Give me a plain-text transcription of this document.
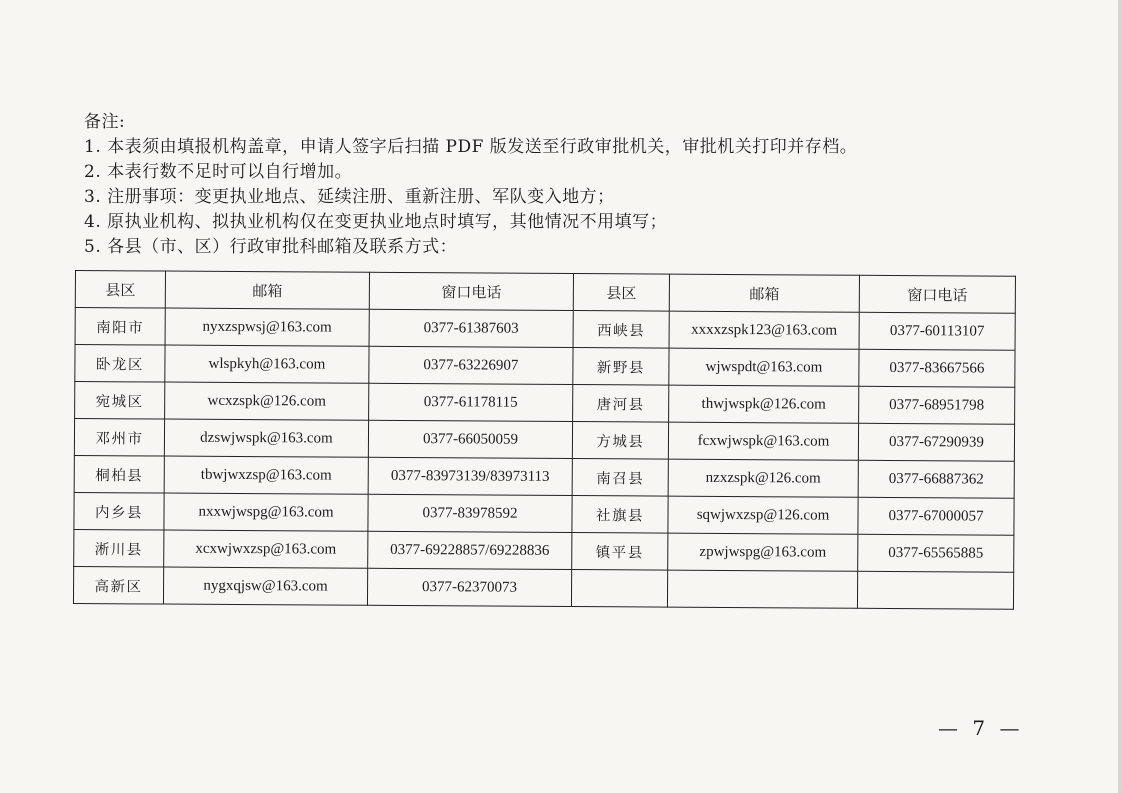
备注:
1. 本表须由填报机构盖章，申请人签字后扫描 PDF 版发送至行政审批机关，审批机关打印并存档。
2. 本表行数不足时可以自行增加。
3. 注册事项：变更执业地点、延续注册、重新注册、军队变入地方；
4. 原执业机构、拟执业机构仅在变更执业地点时填写，其他情况不用填写；
5. 各县（市、区）行政审批科邮箱及联系方式：
县区	邮箱	窗口电话	县区	邮箱	窗口电话
南阳市	nyxzspwsj@163.com	0377-61387603	西峡县	xxxxzspk123@163.com	0377-60113107
卧龙区	wlspkyh@163.com	0377-63226907	新野县	wjwspdt@163.com	0377-83667566
宛城区	wcxzspk@126.com	0377-61178115	唐河县	thwjwspk@126.com	0377-68951798
邓州市	dzswjwspk@163.com	0377-66050059	方城县	fcxwjwspk@163.com	0377-67290939
桐柏县	tbwjwxzsp@163.com	0377-83973139/83973113	南召县	nzxzspk@126.com	0377-66887362
内乡县	nxxwjwspg@163.com	0377-83978592	社旗县	sqwjwxzsp@126.com	0377-67000057
淅川县	xcxwjwxzsp@163.com	0377-69228857/69228836	镇平县	zpwjwspg@163.com	0377-65565885
高新区	nygxqjsw@163.com	0377-62370073			
— 7 —
